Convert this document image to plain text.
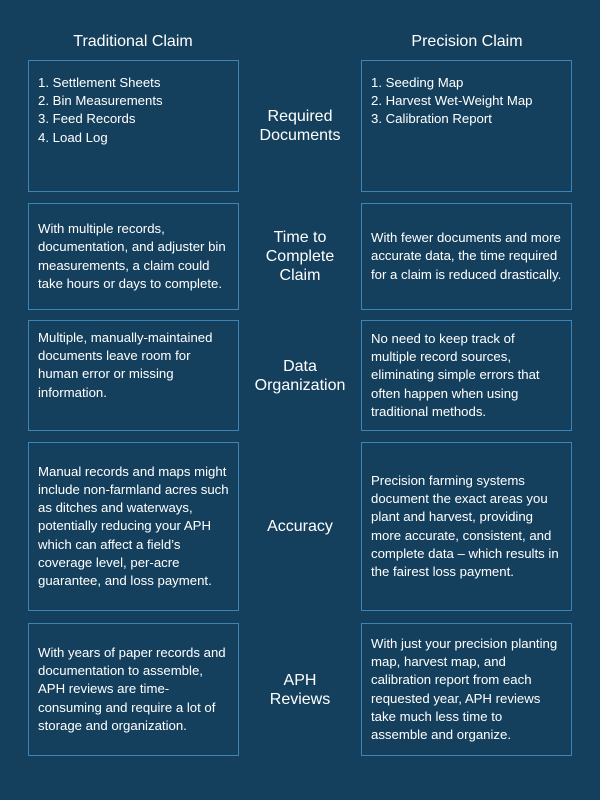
Traditional Claim	Precision Claim
1. Settlement Sheets
2. Bin Measurements
3. Feed Records
4. Load Log
Required Documents
1. Seeding Map
2. Harvest Wet-Weight Map
3. Calibration Report
With multiple records, documentation, and adjuster bin measurements, a claim could take hours or days to complete.
Time to Complete Claim
With fewer documents and more accurate data, the time required for a claim is reduced drastically.
Multiple, manually-maintained documents leave room for human error or missing information.
Data Organization
No need to keep track of multiple record sources, eliminating simple errors that often happen when using traditional methods.
Manual records and maps might include non-farmland acres such as ditches and waterways, potentially reducing your APH which can affect a field’s coverage level, per-acre guarantee, and loss payment.
Accuracy
Precision farming systems document the exact areas you plant and harvest, providing more accurate, consistent, and complete data – which results in the fairest loss payment.
With years of paper records and documentation to assemble, APH reviews are time-consuming and require a lot of storage and organization.
APH Reviews
With just your precision planting map, harvest map, and calibration report from each requested year, APH reviews take much less time to assemble and organize.
